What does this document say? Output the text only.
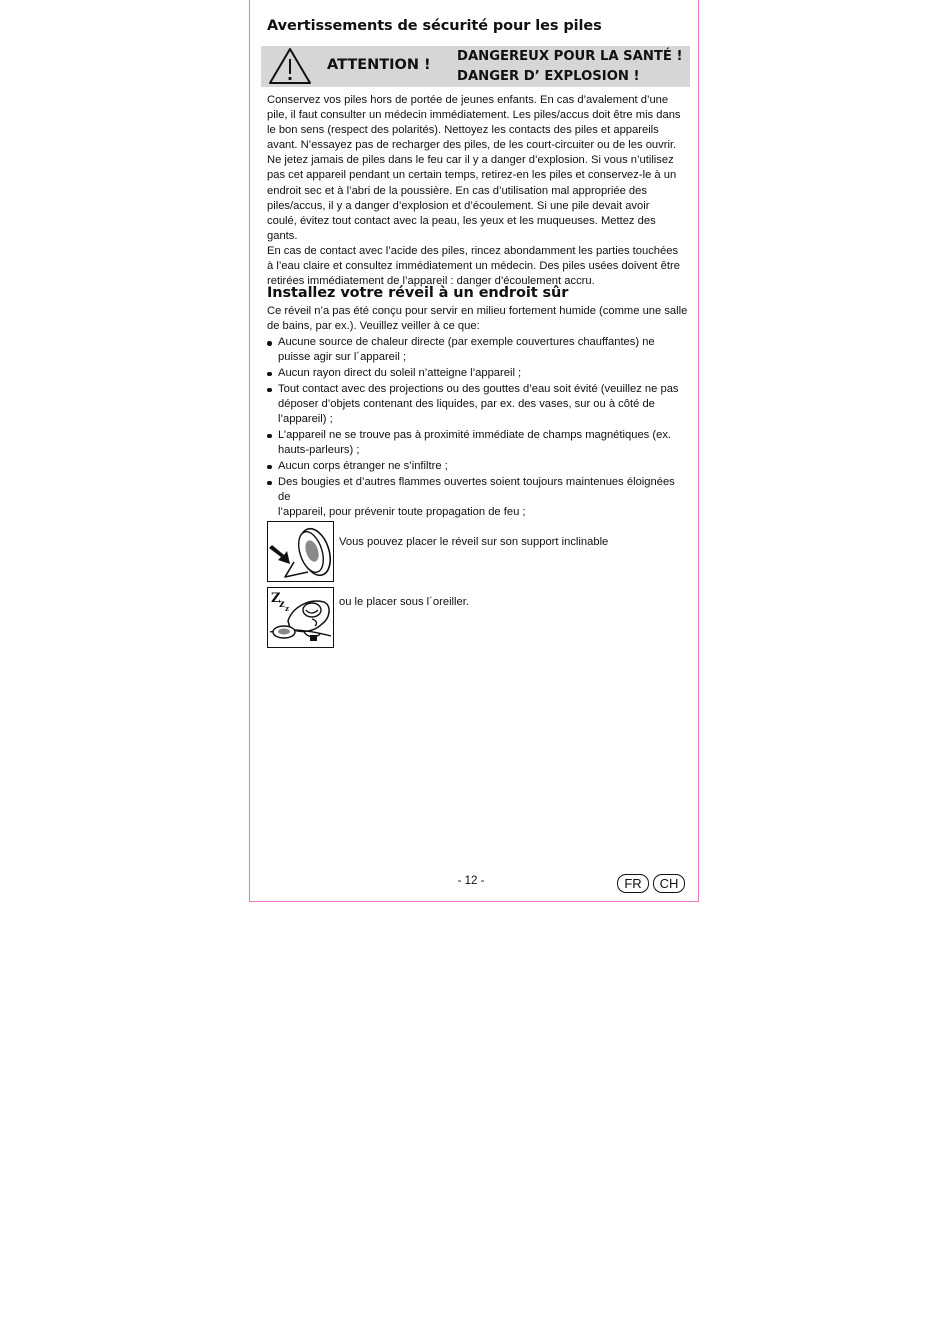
Avertissements de sécurité pour les piles
ATTENTION !
DANGEREUX POUR LA SANTÉ !
DANGER D’ EXPLOSION !
Conservez vos piles hors de portée de jeunes enfants. En cas d’avalement d’une
pile, il faut consulter un médecin immédiatement. Les piles/accus doit être mis dans
le bon sens (respect des polarités). Nettoyez les contacts des piles et appareils
avant. N’essayez pas de recharger des piles, de les court-circuiter ou de les ouvrir.
Ne jetez jamais de piles dans le feu car il y a danger d’explosion. Si vous n’utilisez
pas cet appareil pendant un certain temps, retirez-en les piles et conservez-le à un
endroit sec et à l’abri de la poussière. En cas d’utilisation mal appropriée des
piles/accus, il y a danger d’explosion et d’écoulement. Si une pile devait avoir
coulé, évitez tout contact avec la peau, les yeux et les muqueuses. Mettez des gants.
En cas de contact avec l’acide des piles, rincez abondamment les parties touchées
à l’eau claire et consultez immédiatement un médecin. Des piles usées doivent être
retirées immédiatement de l’appareil : danger d’écoulement accru.
Installez votre réveil à un endroit sûr
Ce réveil n’a pas été conçu pour servir en milieu fortement humide (comme une salle
de bains, par ex.). Veuillez veiller à ce que:
Aucune source de chaleur directe (par exemple couvertures chauffantes) ne
puisse agir sur l´appareil ;
Aucun rayon direct du soleil n’atteigne l’appareil ;
Tout contact avec des projections ou des gouttes d’eau soit évité (veuillez ne pas
déposer d’objets contenant des liquides, par ex. des vases, sur ou à côté de
l’appareil) ;
L’appareil ne se trouve pas à proximité immédiate de champs magnétiques (ex.
hauts-parleurs) ;
Aucun corps étranger ne s’infiltre ;
Des bougies et d’autres flammes ouvertes soient toujours maintenues éloignées de
l’appareil, pour prévenir toute propagation de feu ;
Vous pouvez placer le réveil sur son support inclinable
Z
z z
ou le placer sous l´oreiller.
- 12 -	FR	CH
